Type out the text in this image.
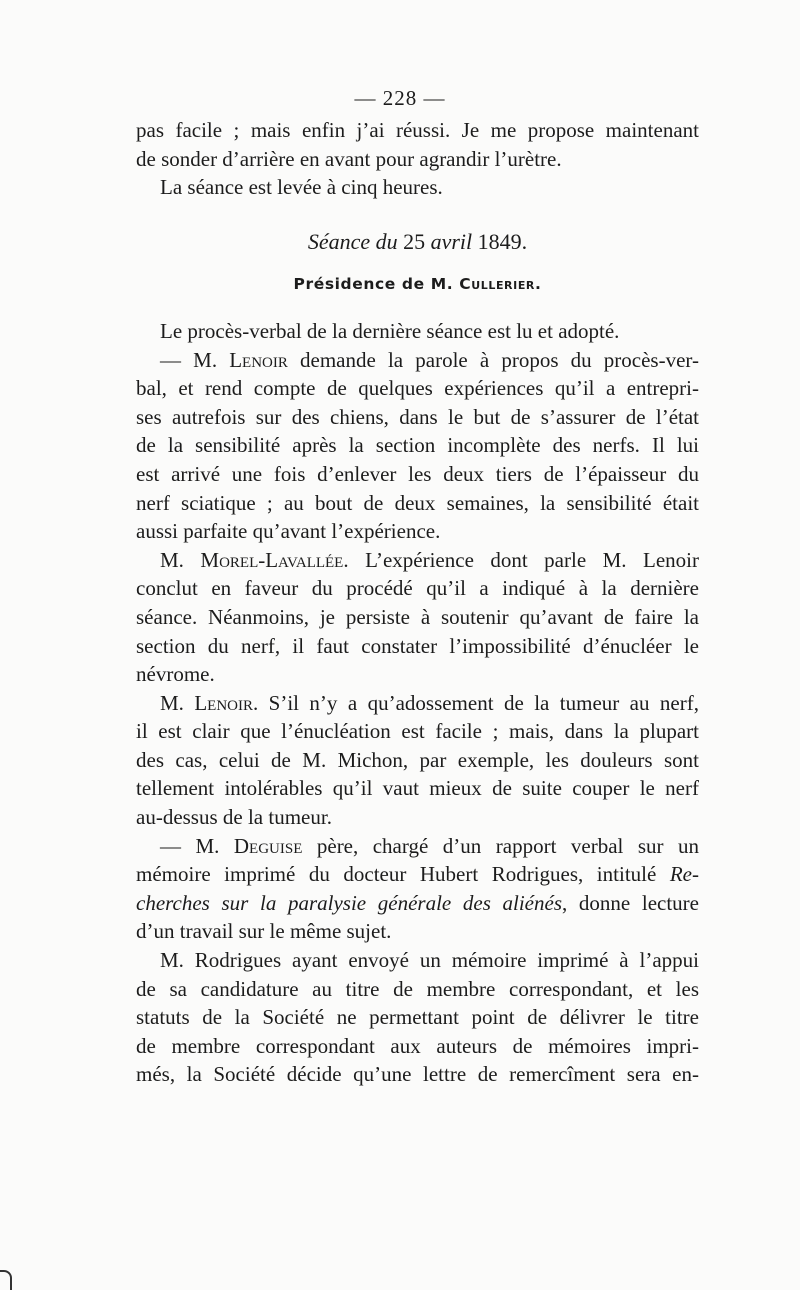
— 228 —
pas facile ; mais enfin j’ai réussi. Je me propose maintenant
de sonder d’arrière en avant pour agrandir l’urètre.
La séance est levée à cinq heures.
Séance du 25 avril 1849.
Présidence de M. Cullerier.
Le procès-verbal de la dernière séance est lu et adopté.
— M. Lenoir demande la parole à propos du procès-ver-
bal, et rend compte de quelques expériences qu’il a entrepri-
ses autrefois sur des chiens, dans le but de s’assurer de l’état
de la sensibilité après la section incomplète des nerfs. Il lui
est arrivé une fois d’enlever les deux tiers de l’épaisseur du
nerf sciatique ; au bout de deux semaines, la sensibilité était
aussi parfaite qu’avant l’expérience.
M. Morel-Lavallée. L’expérience dont parle M. Lenoir
conclut en faveur du procédé qu’il a indiqué à la dernière
séance. Néanmoins, je persiste à soutenir qu’avant de faire la
section du nerf, il faut constater l’impossibilité d’énucléer le
névrome.
M. Lenoir. S’il n’y a qu’adossement de la tumeur au nerf,
il est clair que l’énucléation est facile ; mais, dans la plupart
des cas, celui de M. Michon, par exemple, les douleurs sont
tellement intolérables qu’il vaut mieux de suite couper le nerf
au-dessus de la tumeur.
— M. Deguise père, chargé d’un rapport verbal sur un
mémoire imprimé du docteur Hubert Rodrigues, intitulé Re-
cherches sur la paralysie générale des aliénés, donne lecture
d’un travail sur le même sujet.
M. Rodrigues ayant envoyé un mémoire imprimé à l’appui
de sa candidature au titre de membre correspondant, et les
statuts de la Société ne permettant point de délivrer le titre
de membre correspondant aux auteurs de mémoires impri-
més, la Société décide qu’une lettre de remercîment sera en-
